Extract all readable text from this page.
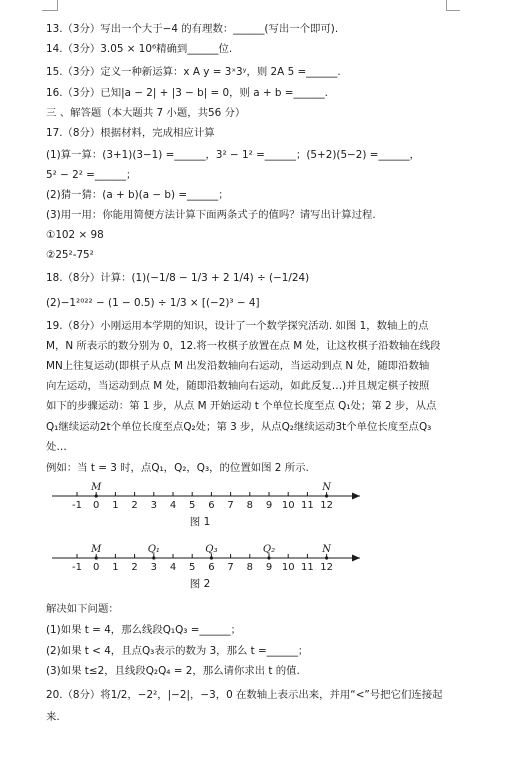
13.（3分）写出一个大于−4 的有理数：______(写出一个即可).
14.（3分）3.05 × 10⁶精确到______位.
15.（3分）定义一种新运算：x A y = 3ˣ3ʸ，则 2A 5 =______.
16.（3分）已知|a − 2| + |3 − b| = 0，则 a + b =______.
三 、解答题（本大题共 7 小题，共56 分）
17.（8分）根据材料，完成相应计算
(1)算一算：(3+1)(3−1) =______，3² − 1² =______；(5+2)(5−2) =______，
5² − 2² =______；
(2)猜一猜：(a + b)(a − b) =______；
(3)用一用：你能用简便方法计算下面两条式子的值吗？请写出计算过程.
①102 × 98
②25²-75²
18.（8分）计算：(1)(−1/8 − 1/3 + 2 1/4) ÷ (−1/24)
(2)−1²⁰²² − (1 − 0.5) ÷ 1/3 × [(−2)³ − 4]
19.（8分）小刚运用本学期的知识，设计了一个数学探究活动. 如图 1，数轴上的点
M，N 所表示的数分别为 0，12.将一枚棋子放置在点 M 处，让这枚棋子沿数轴在线段
MN上往复运动(即棋子从点 M 出发沿数轴向右运动，当运动到点 N 处，随即沿数轴
向左运动，当运动到点 M 处，随即沿数轴向右运动，如此反复…)并且规定棋子按照
如下的步骤运动：第 1 步，从点 M 开始运动 t 个单位长度至点 Q₁处；第 2 步，从点
Q₁继续运动2t个单位长度至点Q₂处；第 3 步，从点Q₂继续运动3t个单位长度至点Q₃
处…
例如：当 t = 3 时，点Q₁，Q₂，Q₃，的位置如图 2 所示.
解决如下问题：
(1)如果 t = 4，那么线段Q₁Q₃ =______；
(2)如果 t < 4，且点Q₃表示的数为 3，那么 t =______；
(3)如果 t≤2，且线段Q₂Q₄ = 2，那么请你求出 t 的值.
20.（8分）将1/2，−2²，|−2|，−3，0 在数轴上表示出来，并用“<”号把它们连接起
来.
-1 0 1 2 3 4 5 6 7 8 9 10 11 12
M	N
图 1
-1 0 1 2 3 4 5 6 7 8 9 10 11 12
M	Q₁	Q₃	Q₂	N
图 2
